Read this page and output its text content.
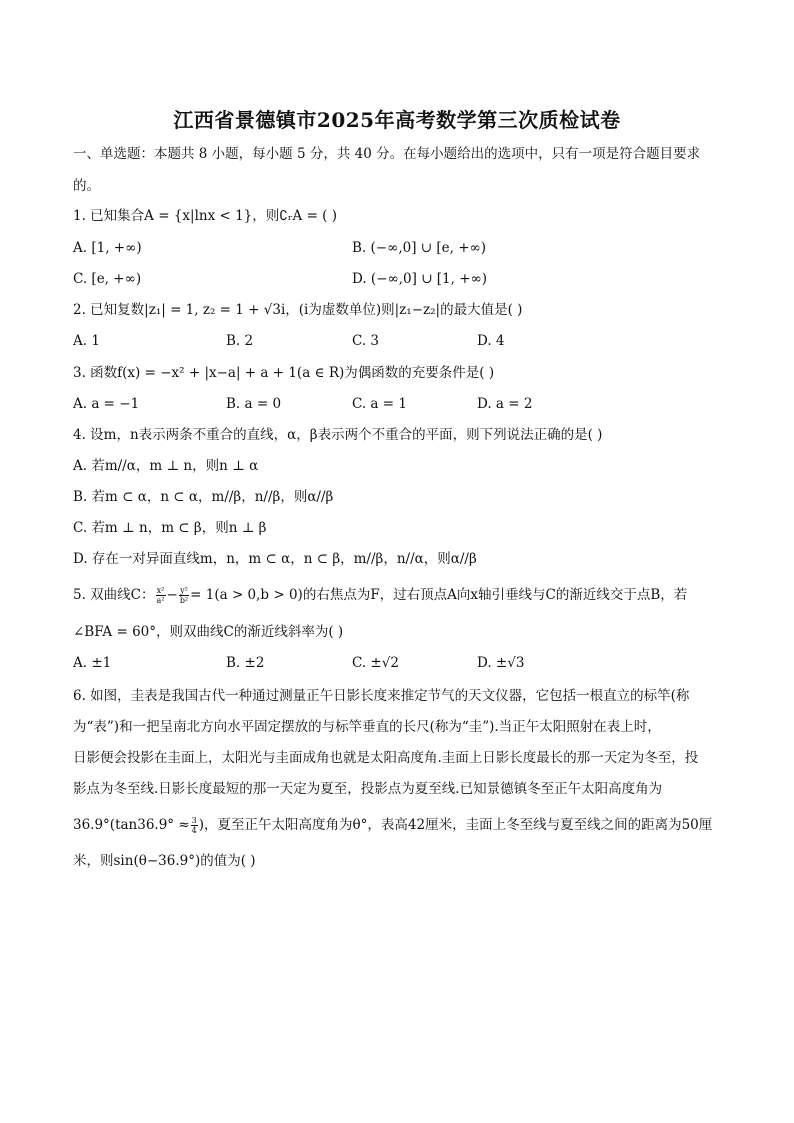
江西省景德镇市2025年高考数学第三次质检试卷
一、单选题：本题共 8 小题，每小题 5 分，共 40 分。在每小题给出的选项中，只有一项是符合题目要求
的。
1. 已知集合A = {x|lnx < 1}，则∁ᵣA = ( )
A. [1, +∞)	B. (−∞,0] ∪ [e, +∞)
C. [e, +∞)	D. (−∞,0] ∪ [1, +∞)
2. 已知复数|z₁| = 1, z₂ = 1 + √3i，(i为虚数单位)则|z₁−z₂|的最大值是( )
A. 1	B. 2	C. 3	D. 4
3. 函数f(x) = −x² + |x−a| + a + 1(a ∈ R)为偶函数的充要条件是( )
A. a = −1	B. a = 0	C. a = 1	D. a = 2
4. 设m，n表示两条不重合的直线，α，β表示两个不重合的平面，则下列说法正确的是( )
A. 若m//α，m ⊥ n，则n ⊥ α
B. 若m ⊂ α，n ⊂ α，m//β，n//β，则α//β
C. 若m ⊥ n，m ⊂ β，则n ⊥ β
D. 存在一对异面直线m，n，m ⊂ α，n ⊂ β，m//β，n//α，则α//β
5. 双曲线C： $\frac{\text{x²}}{\text{a²}} - \frac{\text{y²}}{\text{b²}} = 1(a > 0,b > 0)$的右焦点为F，过右顶点A向x轴引垂线与C的渐近线交于点B，若
∠BFA = 60°，则双曲线C的渐近线斜率为( )
A. ±1	B. ±2	C. ±√2	D. ±√3
6. 如图，圭表是我国古代一种通过测量正午日影长度来推定节气的天文仪器，它包括一根直立的标竿(称
为“表”)和一把呈南北方向水平固定摆放的与标竿垂直的长尺(称为“圭”).当正午太阳照射在表上时，
日影便会投影在圭面上，太阳光与圭面成角也就是太阳高度角.圭面上日影长度最长的那一天定为冬至，投
影点为冬至线.日影长度最短的那一天定为夏至，投影点为夏至线.已知景德镇冬至正午太阳高度角为
$36.9^\circ(\tan 36.9^\circ \approx \frac{3}{4}$ )，夏至正午太阳高度角为θ°，表高42厘米，圭面上冬至线与夏至线之间的距离为50厘
米，则sin(θ−36.9°)的值为( )
